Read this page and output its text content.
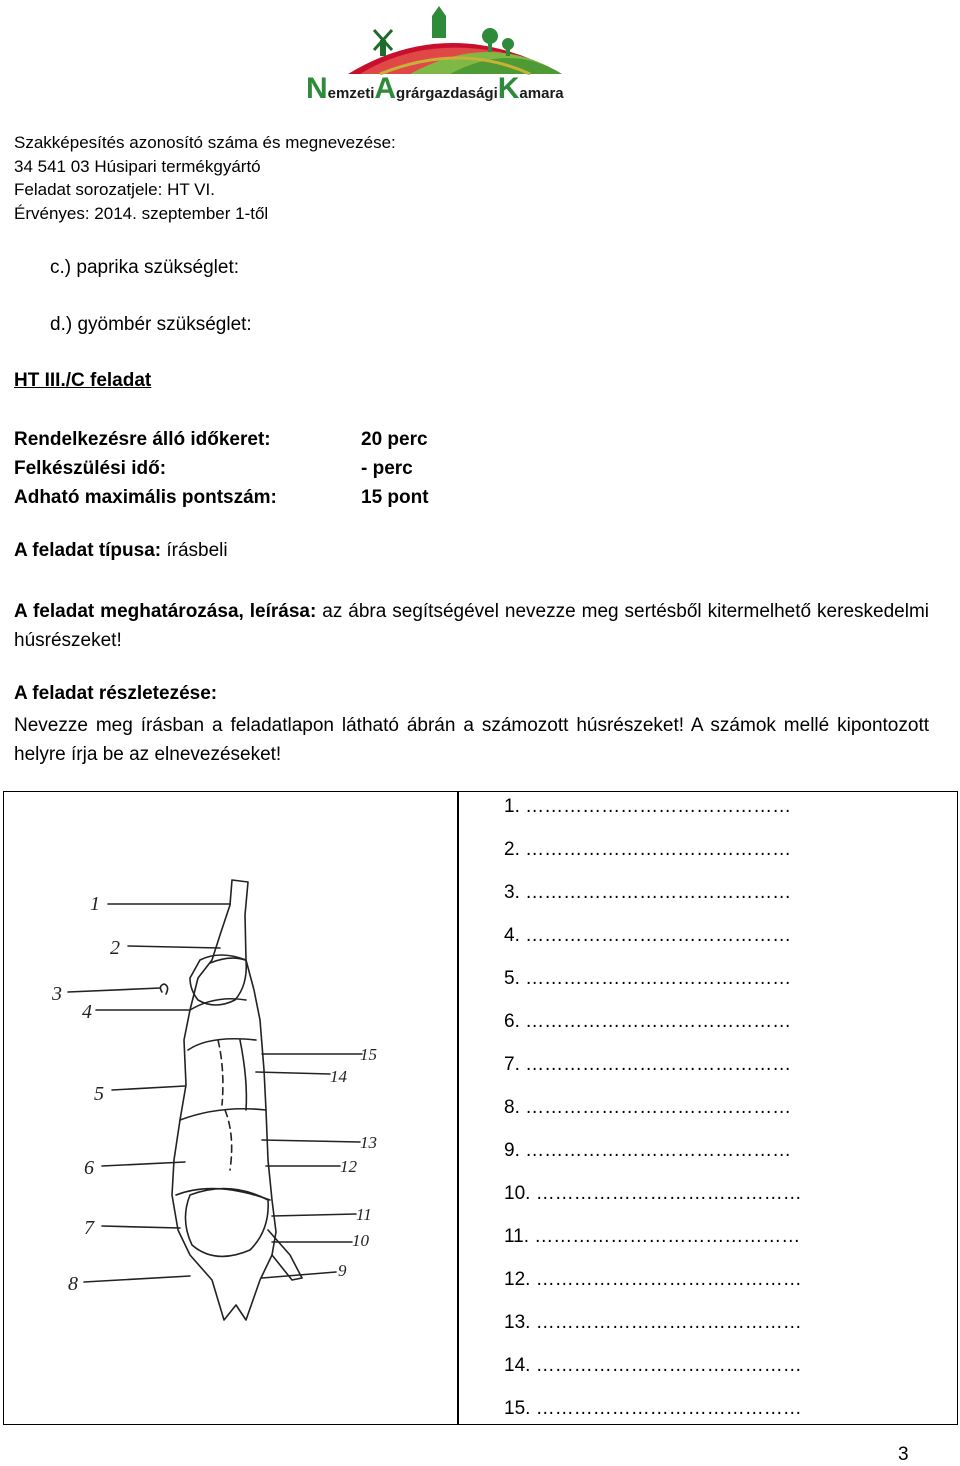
NemzetiAgrárgazdaságiKamara
Szakképesítés azonosító száma és megnevezése:
34 541 03 Húsipari termékgyártó
Feladat sorozatjele: HT VI.
Érvényes: 2014. szeptember 1-től
c.) paprika szükséglet:
d.) gyömbér szükséglet:
HT III./C feladat
Rendelkezésre álló időkeret:
Felkészülési idő:
Adható maximális pontszám:
20 perc
- perc
15 pont
A feladat típusa: írásbeli
A feladat meghatározása, leírása: az ábra segítségével nevezze meg sertésből kitermelhető kereskedelmi húsrészeket!
A feladat részletezése:
Nevezze meg írásban a feladatlapon látható ábrán a számozott húsrészeket! A számok mellé kipontozott helyre írja be az elnevezéseket!
1
2
3
4
5
6
7
8
9
10
11
12
13
14
15
1. ……………………………………
2. ……………………………………
3. ……………………………………
4. ……………………………………
5. ……………………………………
6. ……………………………………
7. ……………………………………
8. ……………………………………
9. ……………………………………
10. ……………………………………
11. ……………………………………
12. ……………………………………
13. ……………………………………
14. ……………………………………
15. ……………………………………
3
